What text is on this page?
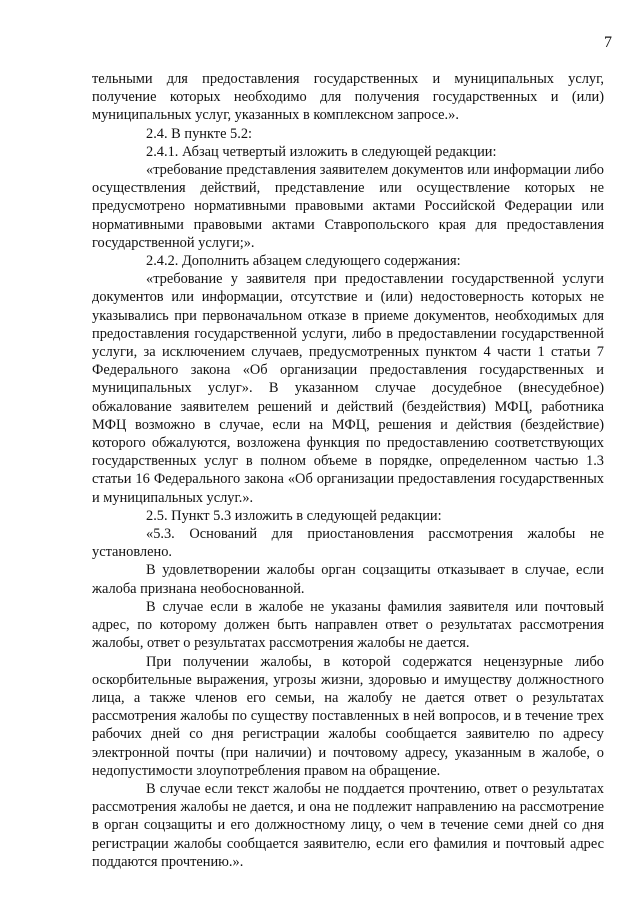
7

тельными для предоставления государственных и муниципальных услуг, получение которых необходимо для получения государственных и (или) муниципальных услуг, указанных в комплексном запросе.».

2.4. В пункте 5.2:

2.4.1. Абзац четвертый изложить в следующей редакции:

«требование представления заявителем документов или информации либо осуществления действий, представление или осуществление которых не предусмотрено нормативными правовыми актами Российской Федерации или нормативными правовыми актами Ставропольского края для предоставления государственной услуги;».

2.4.2. Дополнить абзацем следующего содержания:

«требование у заявителя при предоставлении государственной услуги документов или информации, отсутствие и (или) недостоверность которых не указывались при первоначальном отказе в приеме документов, необходимых для предоставления государственной услуги, либо в предоставлении государственной услуги, за исключением случаев, предусмотренных пунктом 4 части 1 статьи 7 Федерального закона «Об организации предоставления государственных и муниципальных услуг». В указанном случае досудебное (внесудебное) обжалование заявителем решений и действий (бездействия) МФЦ, работника МФЦ возможно в случае, если на МФЦ, решения и действия (бездействие) которого обжалуются, возложена функция по предоставлению соответствующих государственных услуг в полном объеме в порядке, определенном частью 1.3 статьи 16 Федерального закона «Об организации предоставления государственных и муниципальных услуг.».

2.5. Пункт 5.3 изложить в следующей редакции:

«5.3. Оснований для приостановления рассмотрения жалобы не установлено.

В удовлетворении жалобы орган соцзащиты отказывает в случае, если жалоба признана необоснованной.

В случае если в жалобе не указаны фамилия заявителя или почтовый адрес, по которому должен быть направлен ответ о результатах рассмотрения жалобы, ответ о результатах рассмотрения жалобы не дается.

При получении жалобы, в которой содержатся нецензурные либо оскорбительные выражения, угрозы жизни, здоровью и имуществу должностного лица, а также членов его семьи, на жалобу не дается ответ о результатах рассмотрения жалобы по существу поставленных в ней вопросов, и в течение трех рабочих дней со дня регистрации жалобы сообщается заявителю по адресу электронной почты (при наличии) и почтовому адресу, указанным в жалобе, о недопустимости злоупотребления правом на обращение.

В случае если текст жалобы не поддается прочтению, ответ о результатах рассмотрения жалобы не дается, и она не подлежит направлению на рассмотрение в орган соцзащиты и его должностному лицу, о чем в течение семи дней со дня регистрации жалобы сообщается заявителю, если его фамилия и почтовый адрес поддаются прочтению.».
